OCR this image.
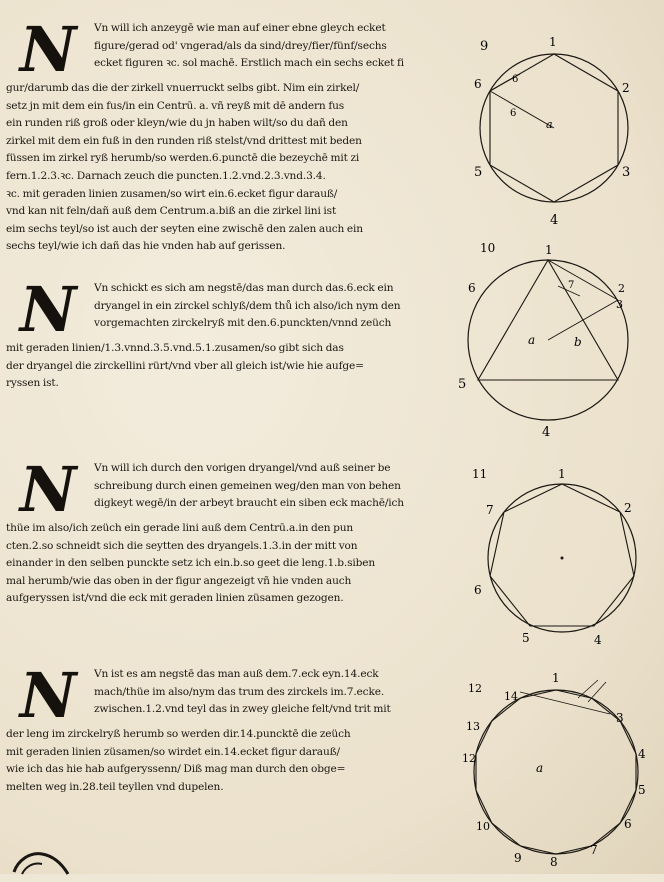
N	Vn will ich anzeygē wie man auf einer ebne gleych ecket
figure/gerad od' vngerad/als da sind/drey/fier/fünf/sechs
ecket figuren ꝛc. sol machē. Erstlich mach ein sechs ecket fi
gur/darumb das die der zirkell vnuerruckt selbs gibt. Nim ein zirkel/
setz jn mit dem ein fus/in ein Centrū. a. vñ reyß mit dē andern fus
ein runden riß groß oder kleyn/wie du jn haben wilt/so du dañ den
zirkel mit dem ein fuß in den runden riß stelst/vnd drittest mit beden
füssen im zirkel ryß herumb/so werden.6.punctē die bezeychē mit zi
fern.1.2.3.ꝛc. Darnach zeuch die puncten.1.2.vnd.2.3.vnd.3.4.
ꝛc. mit geraden linien zusamen/so wirt ein.6.ecket figur darauß/
vnd kan nit feln/dañ auß dem Centrum.a.biß an die zirkel lini ist
eim sechs teyl/so ist auch der seyten eine zwischē den zalen auch ein
sechs teyl/wie ich dañ das hie vnden hab auf gerissen.
N	Vn schickt es sich am negstē/das man durch das.6.eck ein
dryangel in ein zirckel schlyß/dem thů ich also/ich nym den
vorgemachten zirckelryß mit den.6.punckten/vnnd zeüch
mit geraden linien/1.3.vnnd.3.5.vnd.5.1.zusamen/so gibt sich das
der dryangel die zirckellini rürt/vnd vber all gleich ist/wie hie aufge=
ryssen ist.
N	Vn will ich durch den vorigen dryangel/vnd auß seiner be
schreibung durch einen gemeinen weg/den man von behen
digkeyt wegē/in der arbeyt braucht ein siben eck machē/ich
thüe im also/ich zeüch ein gerade lini auß dem Centrū.a.in den pun
cten.2.so schneidt sich die seytten des dryangels.1.3.in der mitt von
einander in den selben punckte setz ich ein.b.so geet die leng.1.b.siben
mal herumb/wie das oben in der figur angezeigt vñ hie vnden auch
aufgeryssen ist/vnd die eck mit geraden linien züsamen gezogen.
N	Vn ist es am negstē das man auß dem.7.eck eyn.14.eck
mach/thüe im also/nym das trum des zirckels im.7.ecke.
zwischen.1.2.vnd teyl das in zwey gleiche felt/vnd trit mit
der leng im zirckelryß herumb so werden dir.14.puncktē die zeüch
mit geraden linien züsamen/so wirdet ein.14.ecket figur darauß/
wie ich das hie hab aufgeryssenn/ Diß mag man durch den obge=
melten weg in.28.teil teyllen vnd dupelen.
1
2
3
4
5
6
9
6
6
a
1
2
3
5
6
10
4
a	b
7
1
2
4
5
6
7
11
1
3
4
5
6
7
8
9
10
12
13
14
12
a
